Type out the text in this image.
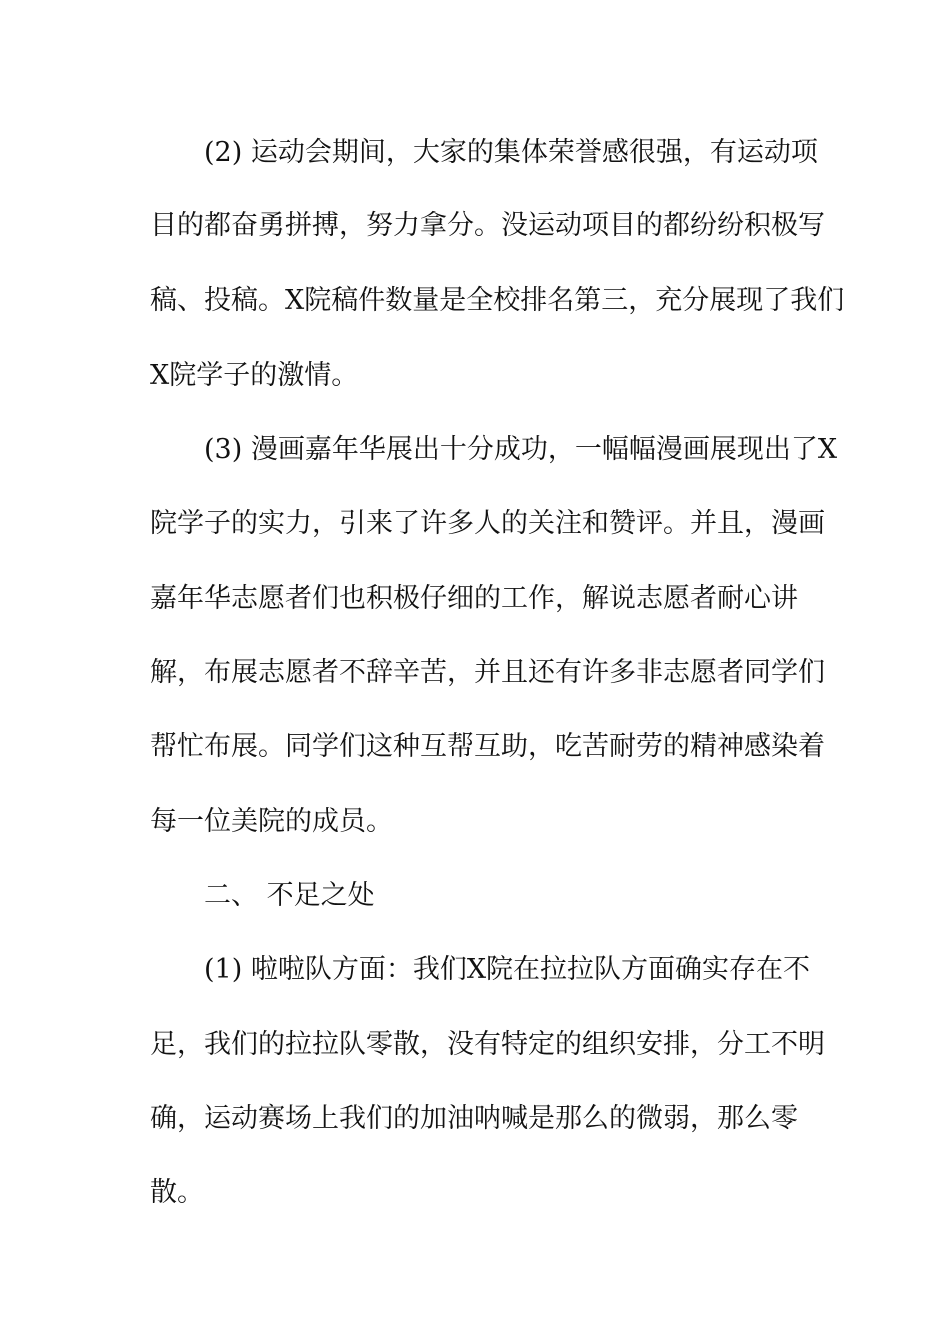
(2) 运动会期间，大家的集体荣誉感很强，有运动项

目的都奋勇拼搏，努力拿分。没运动项目的都纷纷积极写

稿、投稿。X院稿件数量是全校排名第三，充分展现了我们

X院学子的激情。

(3) 漫画嘉年华展出十分成功，一幅幅漫画展现出了X

院学子的实力，引来了许多人的关注和赞评。并且，漫画

嘉年华志愿者们也积极仔细的工作，解说志愿者耐心讲

解，布展志愿者不辞辛苦，并且还有许多非志愿者同学们

帮忙布展。同学们这种互帮互助，吃苦耐劳的精神感染着

每一位美院的成员。

二、 不足之处

(1) 啦啦队方面：我们X院在拉拉队方面确实存在不

足，我们的拉拉队零散，没有特定的组织安排，分工不明

确，运动赛场上我们的加油呐喊是那么的微弱，那么零

散。
